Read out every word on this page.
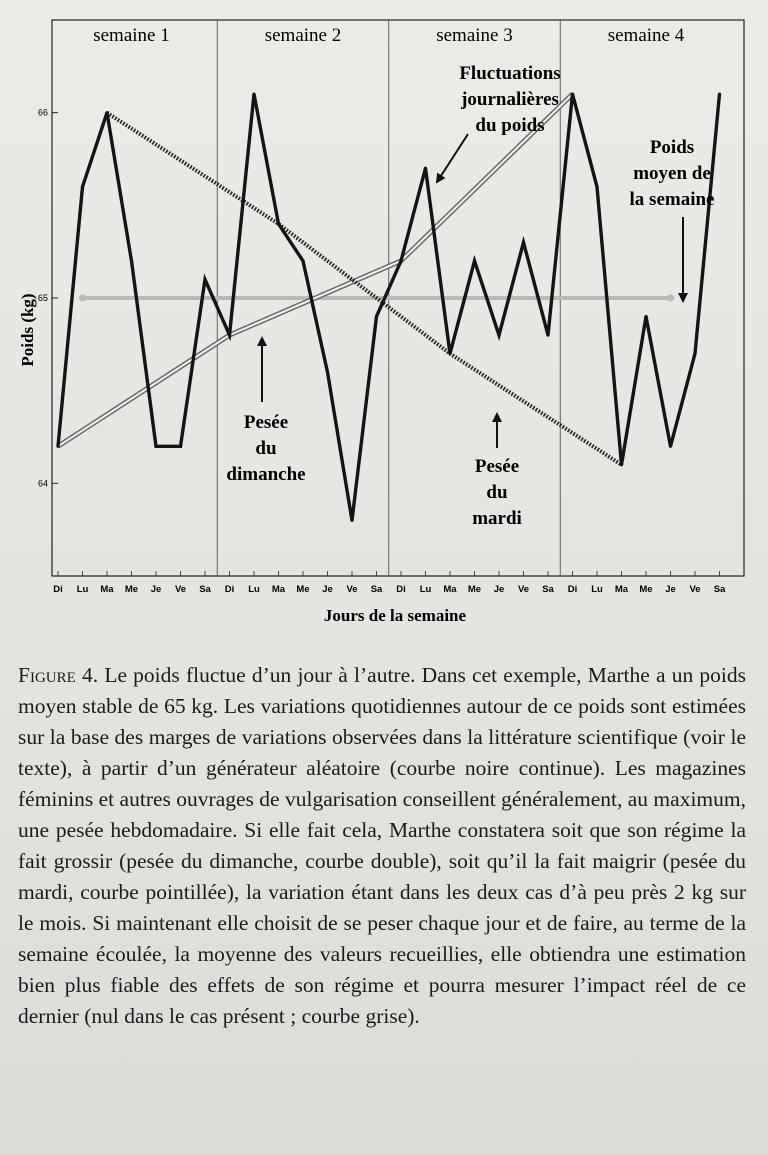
semaine 1	semaine 2	semaine 3	semaine 4
64
65
66
Di Lu Ma Me Je Ve Sa Di Lu Ma Me Je Ve Sa Di Lu Ma Me Je Ve Sa Di Lu Ma Me Je Ve Sa
Fluctuations
journalières
du poids
Poids
moyen de
la semaine
Pesée
du
dimanche	Pesée
du
mardi
Jours de la semaine
Poids (kg)

Figure 4. Le poids fluctue d’un jour à l’autre. Dans cet exemple, Marthe a un poids moyen stable de 65 kg. Les variations quotidiennes autour de ce poids sont estimées sur la base des marges de variations observées dans la littérature scientifique (voir le texte), à partir d’un générateur aléatoire (courbe noire continue). Les magazines féminins et autres ouvrages de vulgarisation conseillent généralement, au maximum, une pesée hebdomadaire. Si elle fait cela, Marthe constatera soit que son régime la fait grossir (pesée du dimanche, courbe double), soit qu’il la fait maigrir (pesée du mardi, courbe pointillée), la variation étant dans les deux cas d’à peu près 2 kg sur le mois. Si maintenant elle choisit de se peser chaque jour et de faire, au terme de la semaine écoulée, la moyenne des valeurs recueillies, elle obtiendra une estimation bien plus fiable des effets de son régime et pourra mesurer l’impact réel de ce dernier (nul dans le cas présent ; courbe grise).
